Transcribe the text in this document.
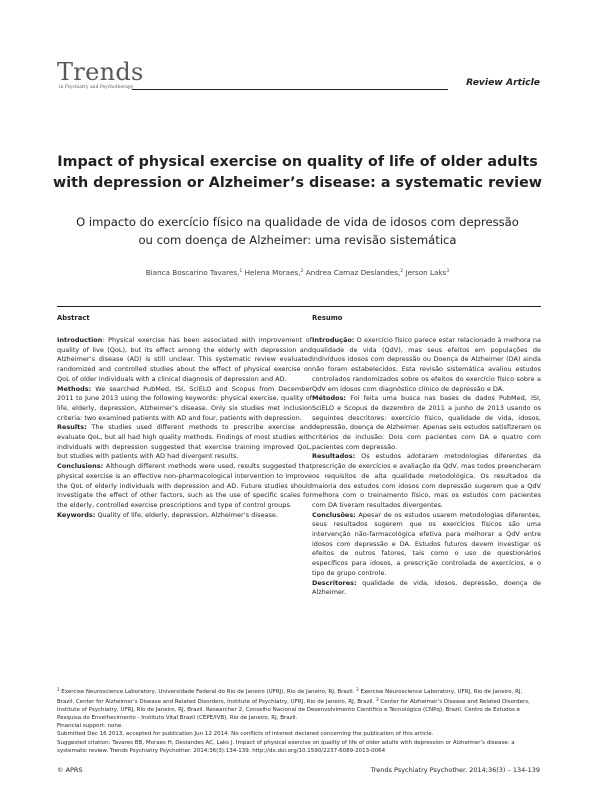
Trends
in Psychiatry and Psychotherapy	Review Article
Impact of physical exercise on quality of life of older adults
with depression or Alzheimer’s disease: a systematic review
O impacto do exercício físico na qualidade de vida de idosos com depressão
ou com doença de Alzheimer: uma revisão sistemática
Bianca Boscarino Tavares,$^1$ Helena Moraes,$^2$ Andrea Camaz Deslandes,$^2$ Jerson Laks$^3$
Abstract	Resumo

Introduction: Physical exercise has been associated with improvement of quality of live (QoL), but its effect among the elderly with depression and Alzheimer’s disease (AD) is still unclear. This systematic review evaluated randomized and controlled studies about the effect of physical exercise on QoL of older individuals with a clinical diagnosis of depression and AD.

Methods: We searched PubMed, ISI, SciELO and Scopus from December 2011 to June 2013 using the following keywords: physical exercise, quality of life, elderly, depression, Alzheimer’s disease. Only six studies met inclusion criteria: two examined patients with AD and four, patients with depression.

Results: The studies used different methods to prescribe exercise and evaluate QoL, but all had high quality methods. Findings of most studies with individuals with depression suggested that exercise training improved QoL, but studies with patients with AD had divergent results.

Conclusions: Although different methods were used, results suggested that physical exercise is an effective non-pharmacological intervention to improve the QoL of elderly individuals with depression and AD. Future studies should investigate the effect of other factors, such as the use of specific scales for the elderly, controlled exercise prescriptions and type of control groups.

Keywords: Quality of life, elderly, depression, Alzheimer’s disease.

Introdução: O exercício físico parece estar relacionado à melhora na qualidade de vida (QdV), mas seus efeitos em populações de indivíduos idosos com depressão ou Doença de Alzheimer (DA) ainda não foram estabelecidos. Esta revisão sistemática avaliou estudos controlados randomizados sobre os efeitos do exercício físico sobre a QdV em idosos com diagnóstico clínico de depressão e DA.

Métodos: Foi feita uma busca nas bases de dados PubMed, ISI, SciELO e Scopus de dezembro de 2011 a junho de 2013 usando os seguintes descritores: exercício físico, qualidade de vida, idosos, depressão, doença de Alzheimer. Apenas seis estudos satisfizeram os critérios de inclusão: Dois com pacientes com DA e quatro com pacientes com depressão.

Resultados: Os estudos adotaram metodologias diferentes da prescrição de exercícios e avaliação da QdV, mas todos preencheram os requisitos de alta qualidade metodológica. Os resultados da maioria dos estudos com idosos com depressão sugerem que a QdV melhora com o treinamento físico, mas os estudos com pacientes com DA tiveram resultados divergentes.

Conclusões: Apesar de os estudos usarem metodologias diferentes, seus resultados sugerem que os exercícios físicos são uma intervenção não-farmacológica efetiva para melhorar a QdV entre idosos com depressão e DA. Estudos futuros devem investigar os efeitos de outros fatores, tais como o uso de questionários específicos para idosos, a prescrição controlada de exercícios, e o tipo de grupo controle.

Descritores: qualidade de vida, idosos, depressão, doença de Alzheimer.

$^1$ Exercise Neuroscience Laboratory, Universidade Federal do Rio de Janeiro (UFRJ), Rio de Janeiro, RJ, Brazil. $^2$ Exercise Neuroscience Laboratory, UFRJ, Rio de Janeiro, RJ, Brazil. Center for Alzheimer’s Disease and Related Disorders, Institute of Psychiatry, UFRJ, Rio de Janeiro, RJ, Brazil. $^3$ Center for Alzheimer’s Disease and Related Disorders, Institute of Psychiatry, UFRJ, Rio de Janeiro, RJ, Brazil. Researcher 2, Conselho Nacional de Desenvolvimento Científico e Tecnológico (CNPq), Brazil. Centro de Estudos e Pesquisa do Envelhecimento - Instituto Vital Brazil (CEPE/IVB), Rio de Janeiro, RJ, Brazil.
Financial support: none.
Submitted Dec 16 2013, accepted for publication Jun 12 2014. No conflicts of interest declared concerning the publication of this article.
Suggested citation: Tavares BB, Moraes H, Deslandes AC, Laks J. Impact of physical exercise on quality of life of older adults with depression or Alzheimer’s disease: a systematic review. Trends Psychiatry Psychother. 2014;36(3):134-139. http://dx.doi.org/10.1590/2237-6089-2013-0064
© APRS	Trends Psychiatry Psychother. 2014;36(3) – 134-139
